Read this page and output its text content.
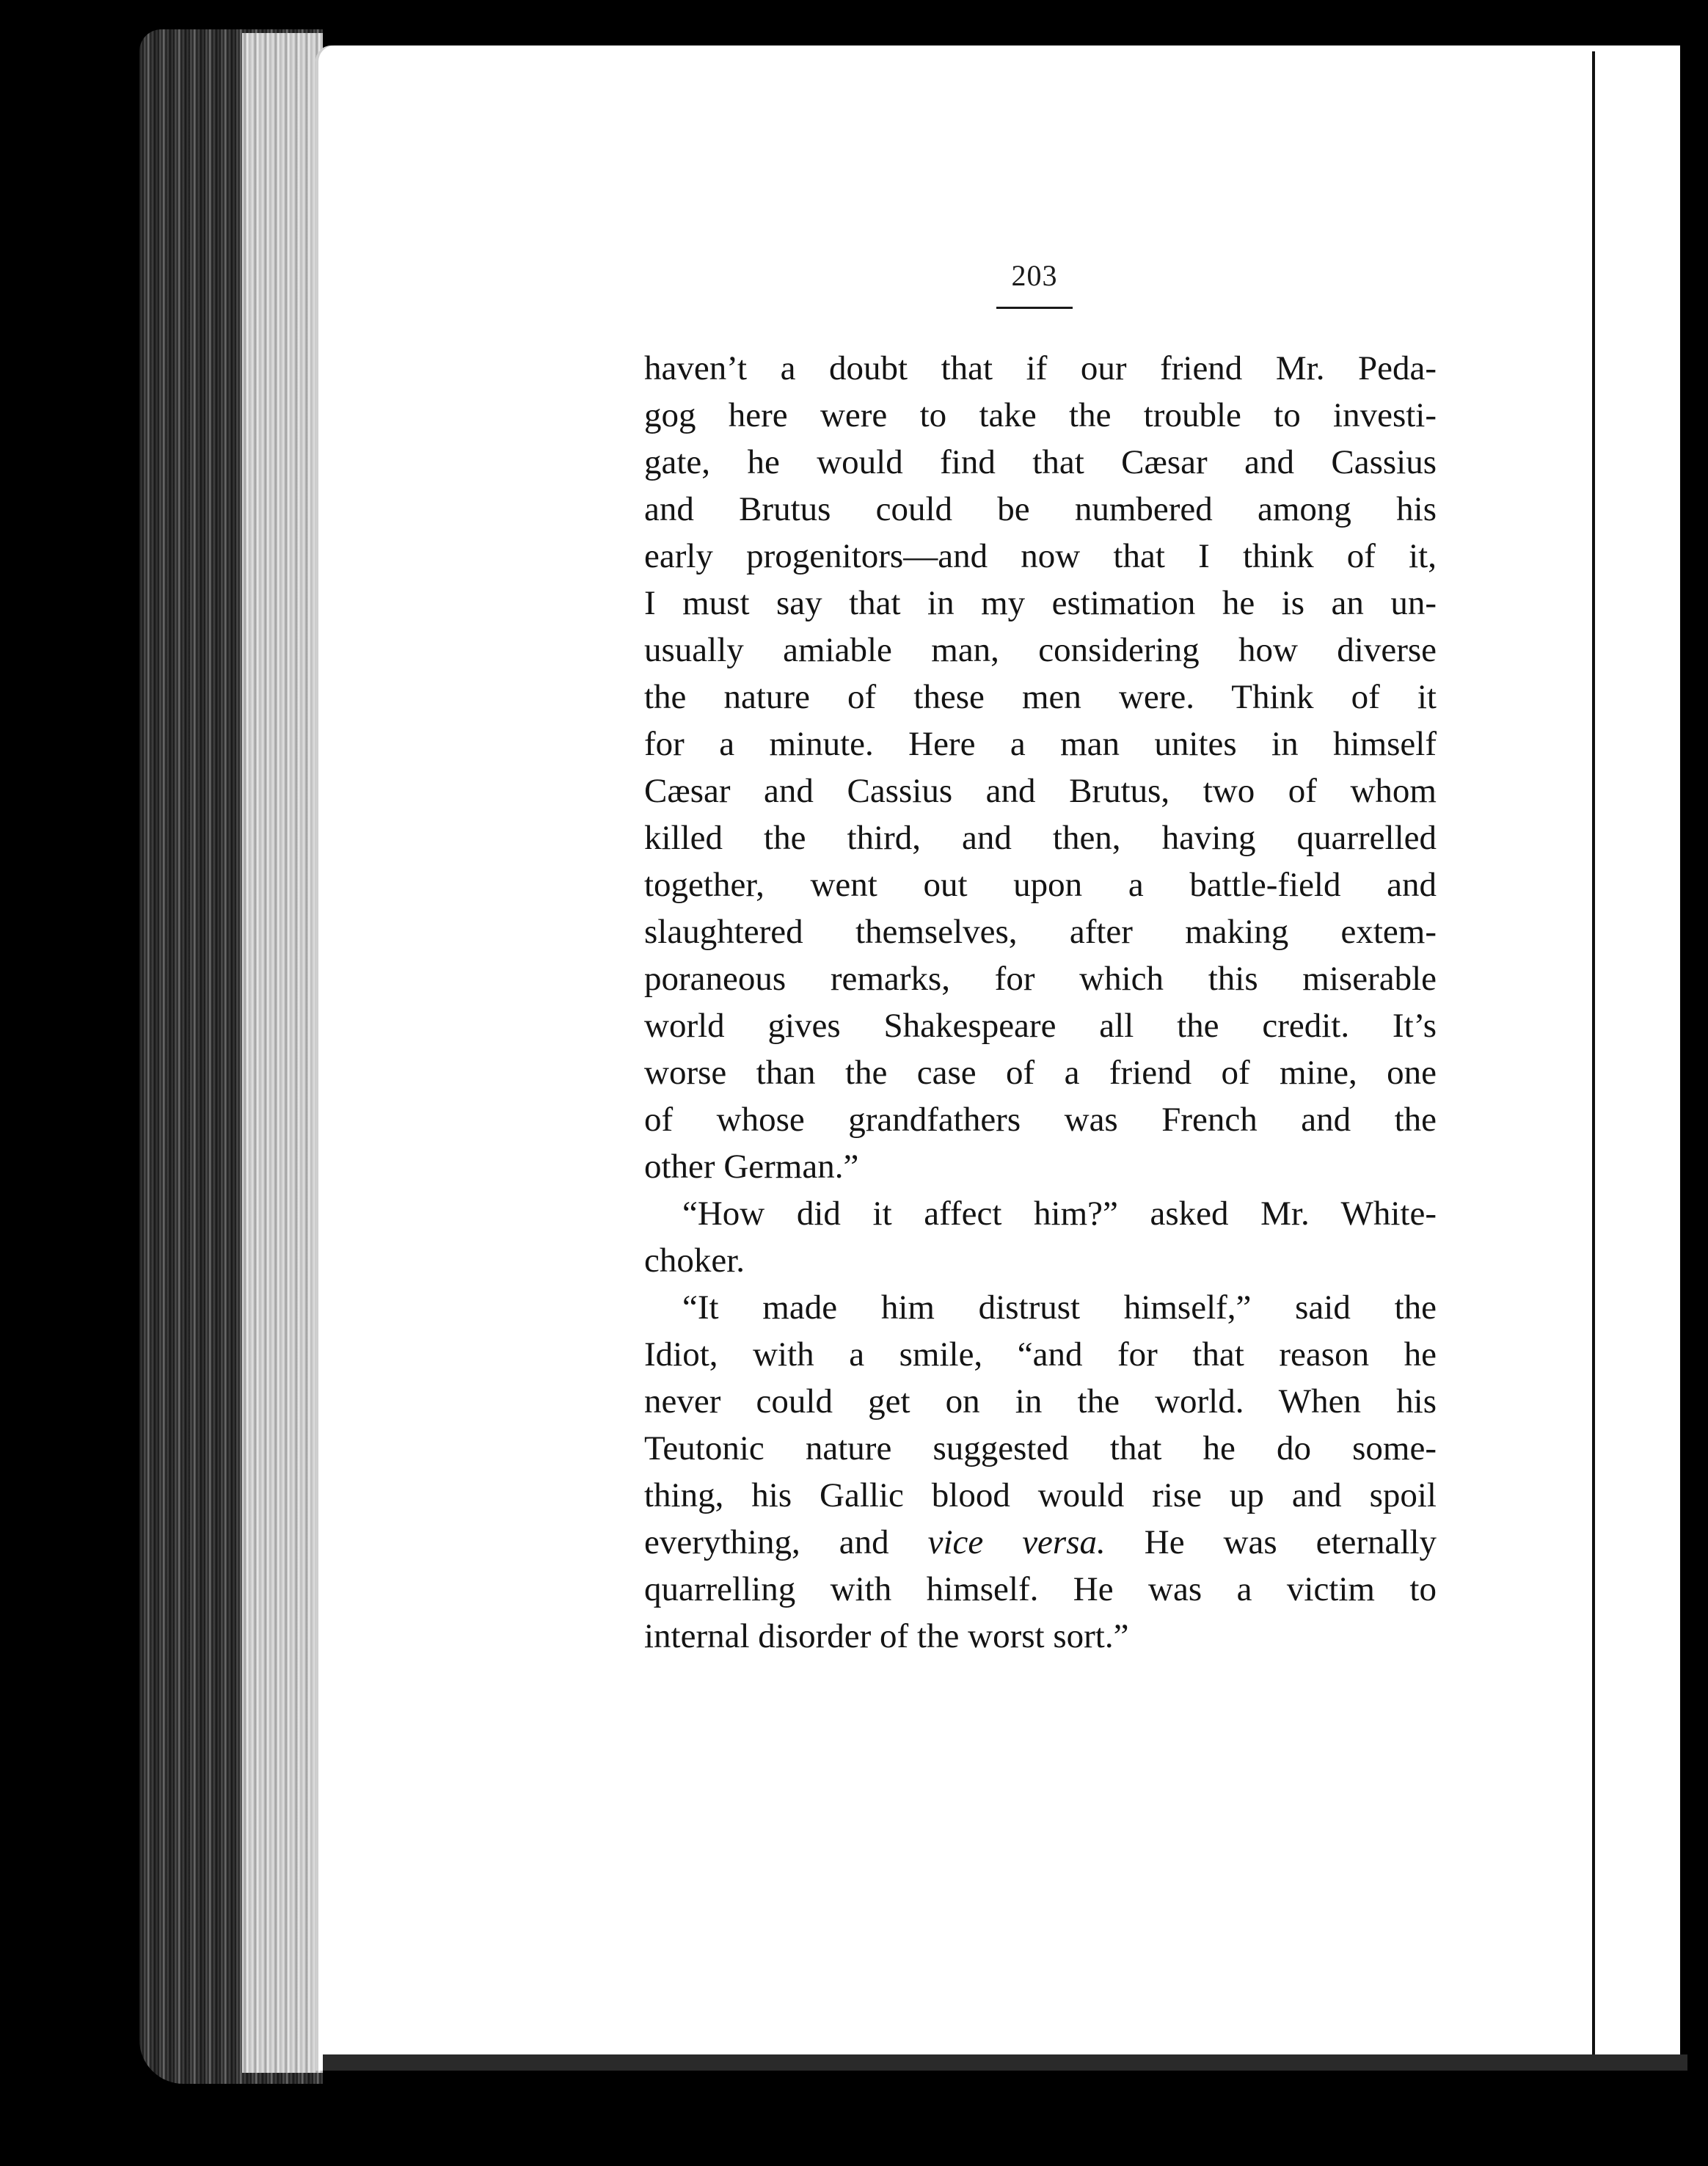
203
haven’t a doubt that if our friend Mr. Peda-
gog here were to take the trouble to investi-
gate, he would find that Cæsar and Cassius
and Brutus could be numbered among his
early progenitors—and now that I think of it,
I must say that in my estimation he is an un-
usually amiable man, considering how diverse
the nature of these men were. Think of it
for a minute. Here a man unites in himself
Cæsar and Cassius and Brutus, two of whom
killed the third, and then, having quarrelled
together, went out upon a battle-field and
slaughtered themselves, after making extem-
poraneous remarks, for which this miserable
world gives Shakespeare all the credit. It’s
worse than the case of a friend of mine, one
of whose grandfathers was French and the
other German.”
“How did it affect him?” asked Mr. White-
choker.
“It made him distrust himself,” said the
Idiot, with a smile, “and for that reason he
never could get on in the world. When his
Teutonic nature suggested that he do some-
thing, his Gallic blood would rise up and spoil
everything, and vice versa. He was eternally
quarrelling with himself. He was a victim to
internal disorder of the worst sort.”
